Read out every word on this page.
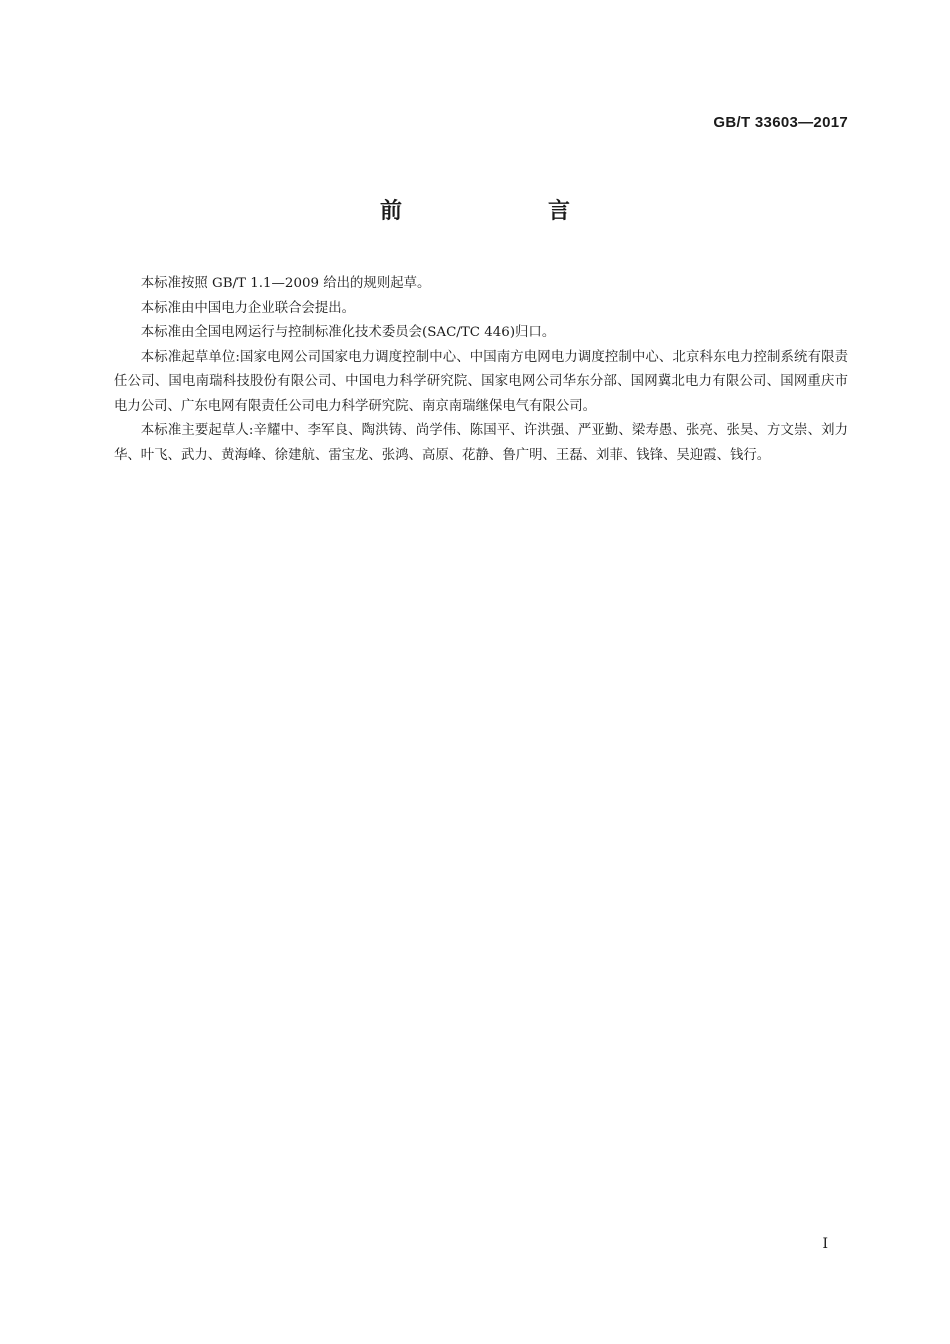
GB/T 33603—2017
前　言

本标准按照 GB/T 1.1—2009 给出的规则起草。

本标准由中国电力企业联合会提出。

本标准由全国电网运行与控制标准化技术委员会(SAC/TC 446)归口。

本标准起草单位:国家电网公司国家电力调度控制中心、中国南方电网电力调度控制中心、北京科东电力控制系统有限责任公司、国电南瑞科技股份有限公司、中国电力科学研究院、国家电网公司华东分部、国网冀北电力有限公司、国网重庆市电力公司、广东电网有限责任公司电力科学研究院、南京南瑞继保电气有限公司。

本标准主要起草人:辛耀中、李军良、陶洪铸、尚学伟、陈国平、许洪强、严亚勤、梁寿愚、张亮、张昊、方文崇、刘力华、叶飞、武力、黄海峰、徐建航、雷宝龙、张鸿、高原、花静、鲁广明、王磊、刘菲、钱锋、吴迎霞、钱行。

I
